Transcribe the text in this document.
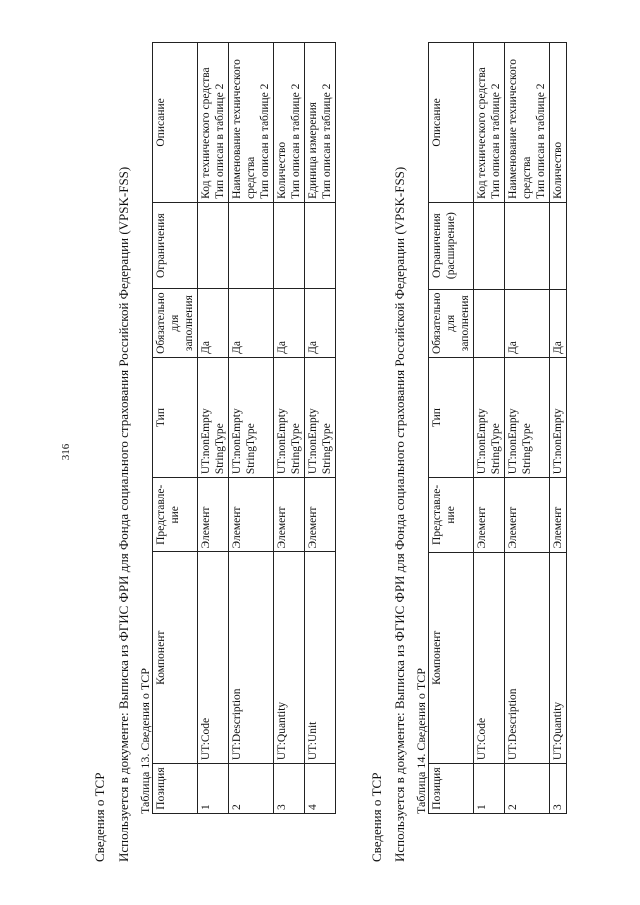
316
Сведения о ТСР Используется в документе: Выписка из ФГИС ФРИ для Фонда социального страхования Российской Федерации (VPSK-FSS) Таблица 13. Сведения о ТСР Позиция	Компонент	Представле-ние	Тип	Обязательно для заполнения	Ограничения	Описание
1	UT:Code	Элемент	UT:nonEmpty StringType	Да		Код технического средства Тип описан в таблице 2

2	UT:Description	Элемент	UT:nonEmpty StringType	Да		Наименование технического средства Тип описан в таблице 2

3	UT:Quantity	Элемент	UT:nonEmpty StringType	Да		Количество Тип описан в таблице 2

4	UT:Unit	Элемент	UT:nonEmpty StringType	Да		Единица измерения Тип описан в таблице 2
Сведения о ТСР Используется в документе: Выписка из ФГИС ФРИ для Фонда социального страхования Российской Федерации (VPSK-FSS) Таблица 14. Сведения о ТСР Позиция	Компонент	Представле-ние	Тип	Обязательно для заполнения	Ограничения (расширение)	Описание
1	UT:Code	Элемент	UT:nonEmpty StringType			Код технического средства Тип описан в таблице 2

2	UT:Description	Элемент	UT:nonEmpty StringType	Да		Наименование технического средства Тип описан в таблице 2

3	UT:Quantity	Элемент	UT:nonEmpty	Да		Количество
